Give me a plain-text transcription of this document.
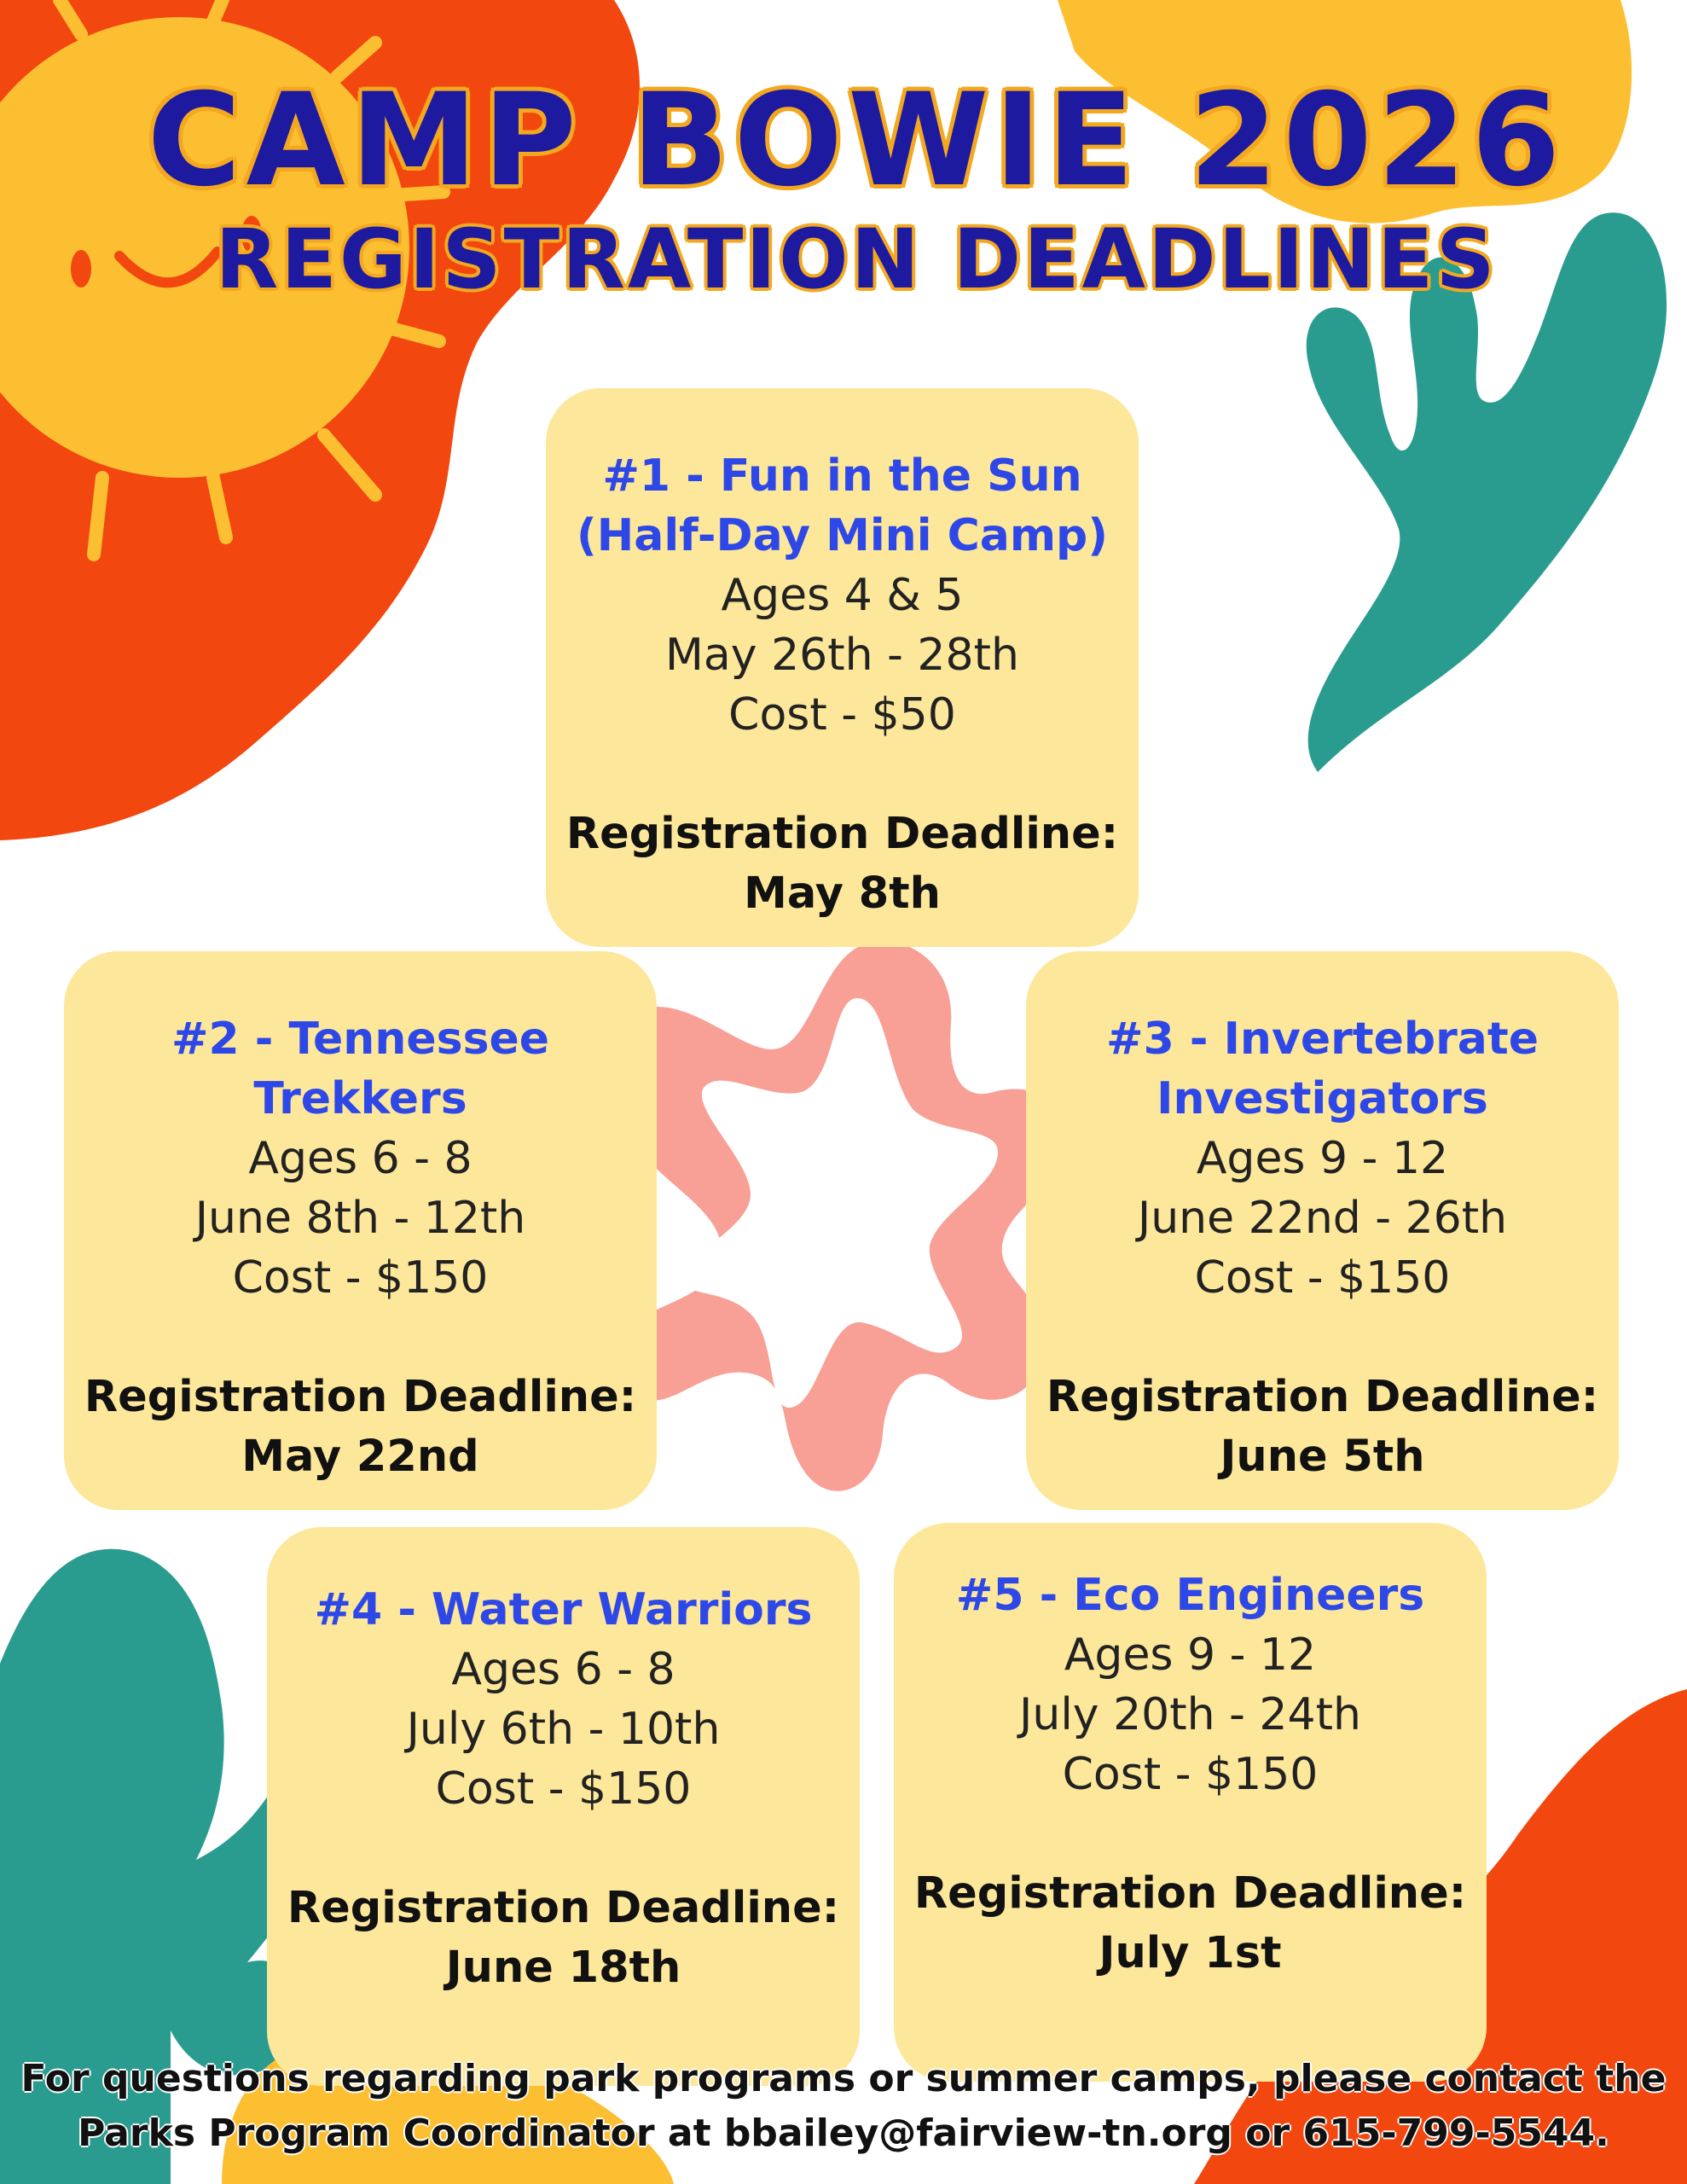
CAMP BOWIE 2026
REGISTRATION DEADLINES
#1 - Fun in the Sun
(Half-Day Mini Camp)
Ages 4 & 5
May 26th - 28th
Cost - $50
Registration Deadline:
May 8th
#2 - Tennessee
Trekkers
Ages 6 - 8
June 8th - 12th
Cost - $150
Registration Deadline:
May 22nd
#3 - Invertebrate
Investigators
Ages 9 - 12
June 22nd - 26th
Cost - $150
Registration Deadline:
June 5th
#4 - Water Warriors
Ages 6 - 8
July 6th - 10th
Cost - $150
Registration Deadline:
June 18th
#5 - Eco Engineers
Ages 9 - 12
July 20th - 24th
Cost - $150
Registration Deadline:
July 1st
For questions regarding park programs or summer camps, please contact the
Parks Program Coordinator at bbailey@fairview-tn.org or 615-799-5544.
